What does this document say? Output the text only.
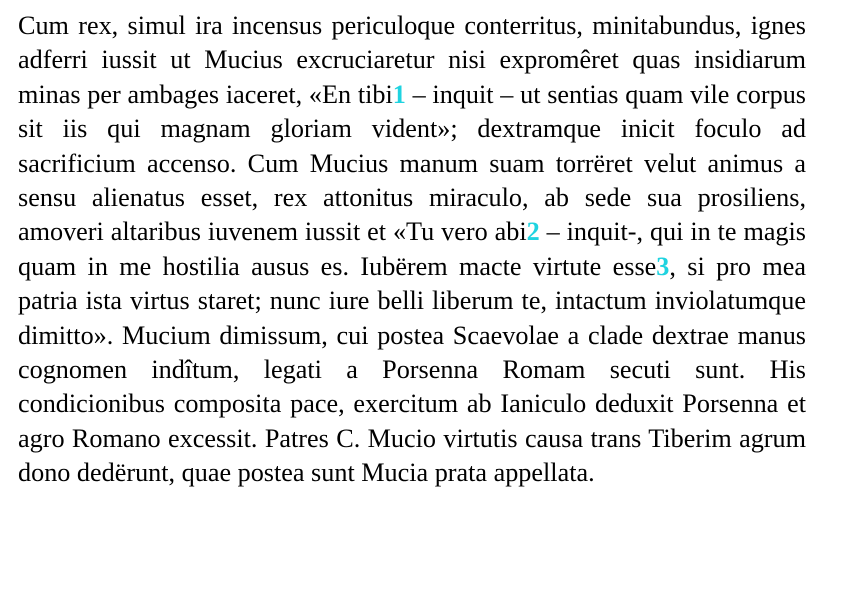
Cum rex, simul ira incensus periculoque conterritus, minitabundus, ignes adferri iussit ut Mucius excruciaretur nisi expromêret quas insidiarum minas per ambages iaceret, «En tibi1 – inquit – ut sentias quam vile corpus sit iis qui magnam gloriam vident»; dextramque inicit foculo ad sacrificium accenso. Cum Mucius manum suam torrëret velut animus a sensu alienatus esset, rex attonitus miraculo, ab sede sua prosiliens, amoveri altaribus iuvenem iussit et «Tu vero abi2 – inquit-, qui in te magis quam in me hostilia ausus es. Iubërem macte virtute esse3, si pro mea patria ista virtus staret; nunc iure belli liberum te, intactum inviolatumque dimitto». Mucium dimissum, cui postea Scaevolae a clade dextrae manus cognomen indîtum, legati a Porsenna Romam secuti sunt. His condicionibus composita pace, exercitum ab Ianiculo deduxit Porsenna et agro Romano excessit. Patres C. Mucio virtutis causa trans Tiberim agrum dono dedërunt, quae postea sunt Mucia prata appellata.
